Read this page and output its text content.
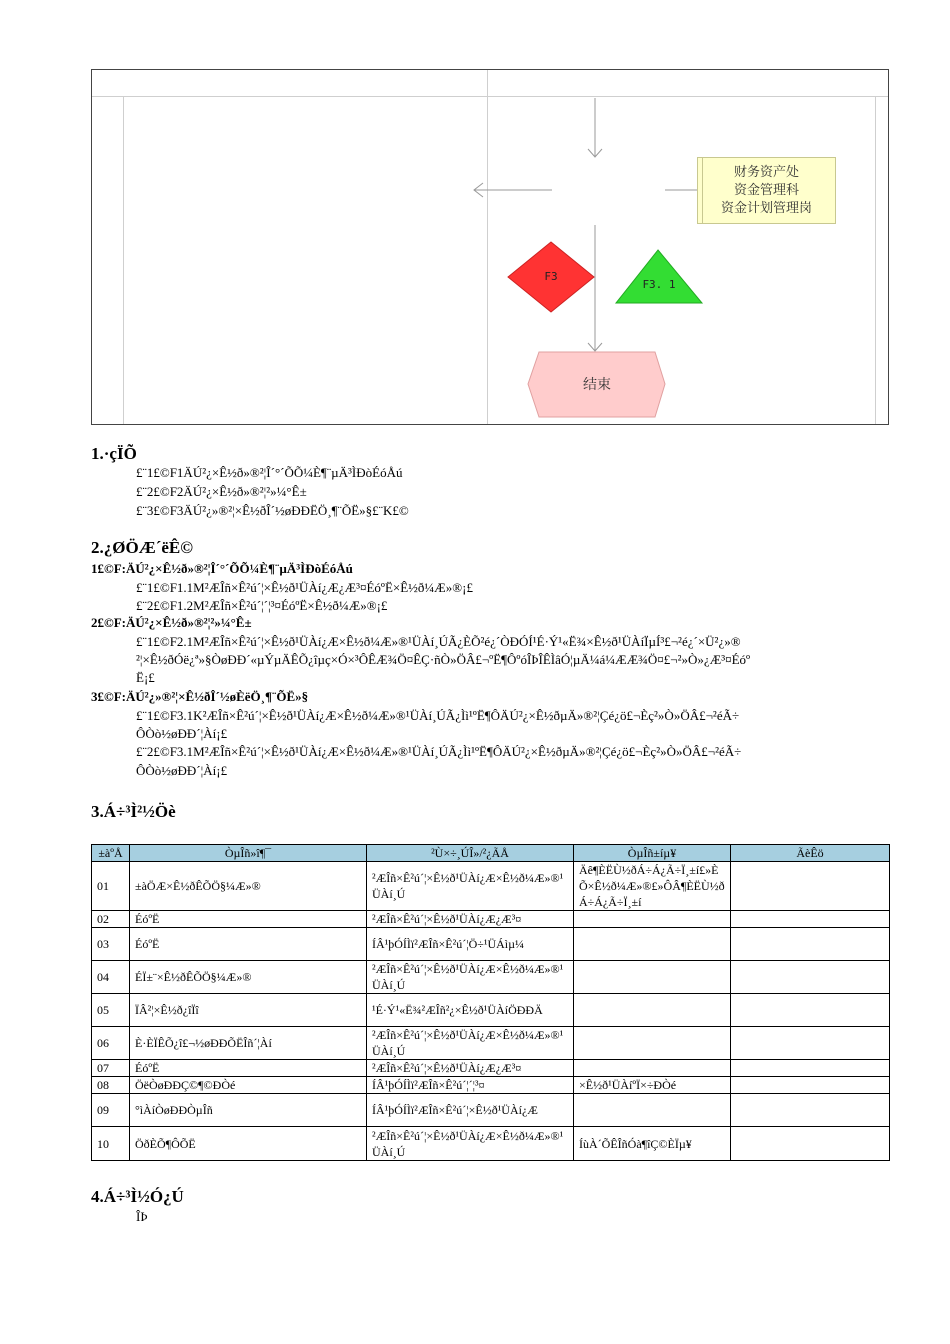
F3
F3. 1
结束
财务资产处
资金管理科
资金计划管理岗
1.·çÏÕ
£¨1£©F1ÄÚ²¿×Ê½ð»®²¦Î´°´ÕÕ¼È¶¨µÄ³ÌÐòÉóÅú
£¨2£©F2ÄÚ²¿×Ê½ð»®²¦²»¼°Ê±
£¨3£©F3ÄÚ²¿»®²¦×Ê½ðÎ´½øÐÐËÖ¸¶¨ÕË»§£¨K£©
2.¿ØÖÆ´ëÊ©
1£©F:ÄÚ²¿×Ê½ð»®²¦Î´°´ÕÕ¼È¶¨µÄ³ÌÐòÉóÅú
£¨1£©F1.1M²ÆÎñ×Ê²ú´¦×Ê½ð¹ÜÀí¿Æ¿Æ³¤ÉóºË×Ê½ð¼Æ»®¡£
£¨2£©F1.2M²ÆÎñ×Ê²ú´¦´¦³¤ÉóºË×Ê½ð¼Æ»®¡£
2£©F:ÄÚ²¿×Ê½ð»®²¦²»¼°Ê±
£¨1£©F2.1M²ÆÎñ×Ê²ú´¦×Ê½ð¹ÜÀí¿Æ×Ê½ð¼Æ»®¹ÜÀí¸ÚÃ¿ÈÕ²é¿´ÒÐÓÍ¹É·Ý¹«Ë¾×Ê½ð¹ÜÀíÏµÍ³£¬²é¿´×Ü²¿»®
²¦×Ê½ðÓë¿ª»§ÒøÐÐ´«µÝµÄÊÕ¿îµç×Ó×³ÔÊÆ¾Ö¤ÊÇ·ñÒ»ÖÂ£¬ºË¶ÔºóÎÞÎÊÌâÓ¦µÄ¼á¼ÆÆ¾Ö¤£¬²»Ò»¿Æ³¤Éóº
Ë¡£
3£©F:ÄÚ²¿»®²¦×Ê½ðÎ´½øÈëÖ¸¶¨ÕË»§
£¨1£©F3.1K²ÆÎñ×Ê²ú´¦×Ê½ð¹ÜÀí¿Æ×Ê½ð¼Æ»®¹ÜÀí¸ÚÃ¿Ìì¹ºË¶ÔÄÚ²¿×Ê½ðµÄ»®²¦Çé¿ö£¬Èç²»Ò»ÖÂ£¬²éÃ÷
ÔÒò½øÐÐ´¦Àí¡£
£¨2£©F3.1M²ÆÎñ×Ê²ú´¦×Ê½ð¹ÜÀí¿Æ×Ê½ð¼Æ»®¹ÜÀí¸ÚÃ¿Ìì¹ºË¶ÔÄÚ²¿×Ê½ðµÄ»®²¦Çé¿ö£¬Èç²»Ò»ÖÂ£¬²éÃ÷
ÔÒò½øÐÐ´¦Àí¡£
3.Á÷³Ì²½Öè
±àºÅ	ÒµÎñ»î¶¯	²Ù×÷¸ÚÎ»/²¿ÃÅ	ÒµÎñ±íµ¥	ÃèÊö
01	±àÖÆ×Ê½ðÊÕÖ§¼Æ»®	²ÆÎñ×Ê²ú´¦×Ê½ð¹ÜÀí¿Æ×Ê½ð¼Æ»®¹ÜÀí¸Ú	Äê¶ÈËÙ½ðÁ÷Á¿Ã÷Ï¸±í£»ÈÕ×Ê½ð¼Æ»®£»ÔÂ¶ÈËÙ½ðÁ÷Á¿Ã÷Ï¸±í	
02	ÉóºË	²ÆÎñ×Ê²ú´¦×Ê½ð¹ÜÀí¿Æ¿Æ³¤		
03	ÉóºË	ÍÂ¹þÓÍÌï²ÆÎñ×Ê²ú´¦Ö÷¹ÜÁìµ¼		
04	ÉÏ±¨×Ê½ðÊÕÖ§¼Æ»®	²ÆÎñ×Ê²ú´¦×Ê½ð¹ÜÀí¿Æ×Ê½ð¼Æ»®¹ÜÀí¸Ú		
05	ÏÂ²¦×Ê½ð¿îÏî	¹É·Ý¹«Ë¾²ÆÎñ²¿×Ê½ð¹ÜÀíÖÐÐÄ		
06	È·ÈÏÊÕ¿î£¬½øÐÐÕËÎñ´¦Àí	²ÆÎñ×Ê²ú´¦×Ê½ð¹ÜÀí¿Æ×Ê½ð¼Æ»®¹ÜÀí¸Ú		
07	ÉóºË	²ÆÎñ×Ê²ú´¦×Ê½ð¹ÜÀí¿Æ¿Æ³¤		
08	ÖëÒøÐÐÇ©¶©ÐÒé	ÍÂ¹þÓÍÌï²ÆÎñ×Ê²ú´¦´¦³¤	×Ê½ð¹ÜÀíºÏ×÷ÐÒé	
09	°ìÀíÒøÐÐÒµÎñ	ÍÂ¹þÓÍÌï²ÆÎñ×Ê²ú´¦×Ê½ð¹ÜÀí¿Æ		
10	ÖðÈÕ¶ÔÕË	²ÆÎñ×Ê²ú´¦×Ê½ð¹ÜÀí¿Æ×Ê½ð¼Æ»®¹ÜÀí¸Ú	ÍùÀ´ÕÊÎñÓà¶îÇ©ÈÏµ¥	
4.Á÷³Ì½Ó¿Ú
ÎÞ
